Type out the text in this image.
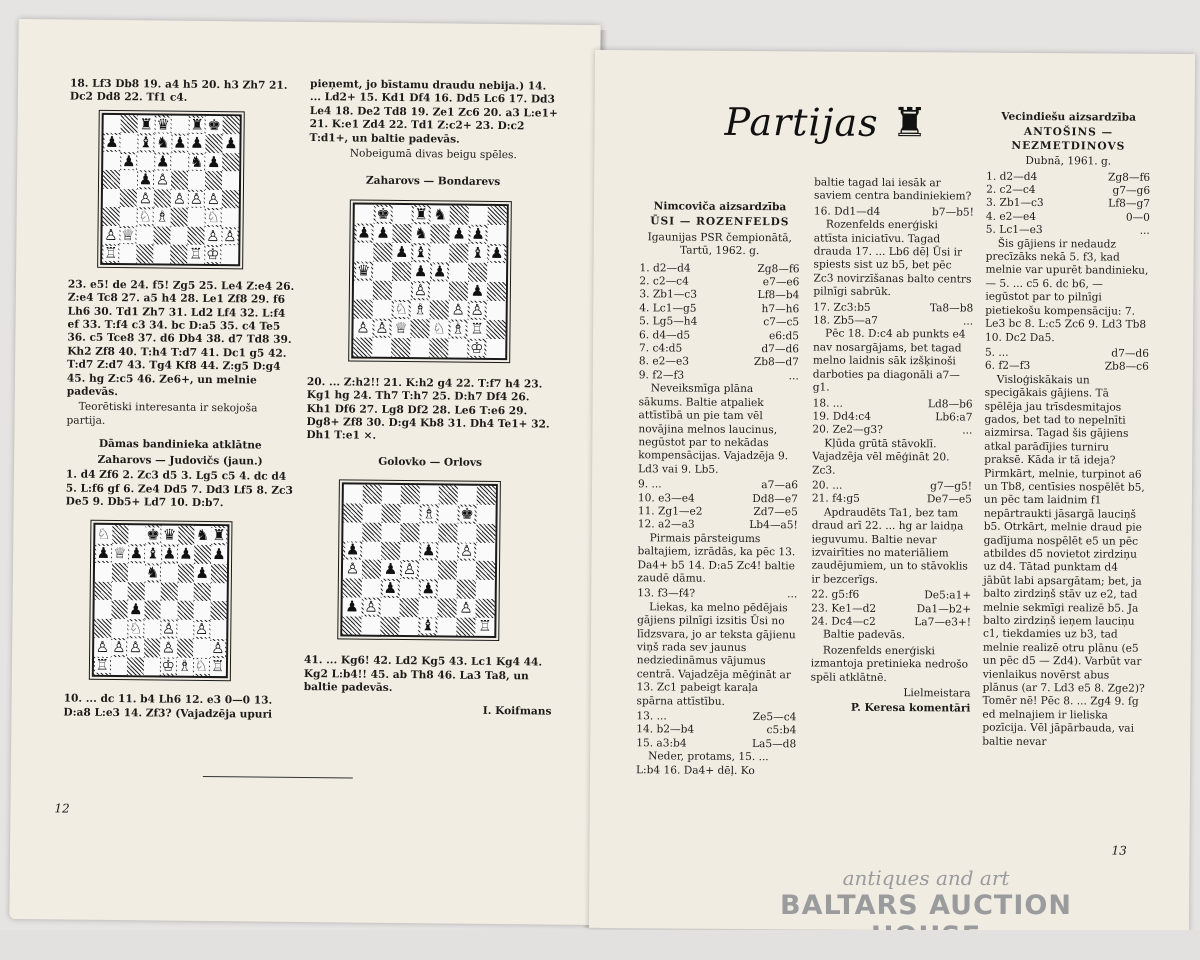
18. Lf3 Db8 19. a4 h5 20. h3 Zh7 21. Dc2 Dd8 22. Tf1 c4.

♜ ♛ ♜ ♚
♟ ♝ ♞ ♟ ♟ ♟
♟ ♟ ♞ ♟
♟ ♙
♙ ♙ ♙ ♙
♘ ♗ ♘
♙ ♕	♙ ♙
♖	♖ ♔

23. e5! de 24. f5! Zg5 25. Le4 Z:e4 26. Z:e4 Tc8 27. a5 h4 28. Le1 Zf8 29. f6 Lh6 30. Td1 Zh7 31. Ld2 Lf4 32. L:f4 ef 33. T:f4 c3 34. bc D:a5 35. c4 Te5 36. c5 Tce8 37. d6 Db4 38. d7 Td8 39. Kh2 Zf8 40. T:h4 T:d7 41. Dc1 g5 42. T:d7 Z:d7 43. Tg4 Kf8 44. Z:g5 D:g4 45. hg Z:c5 46. Ze6+, un melnie padevās.

Teorētiski interesanta ir sekojoša partija.

Dāmas bandinieka atklātne

Zaharovs — Judovičs (jaun.)

1. d4 Zf6 2. Zc3 d5 3. Lg5 c5 4. dc d4 5. L:f6 gf 6. Ze4 Dd5 7. Dd3 Lf5 8. Zc3 De5 9. Db5+ Ld7 10. D:b7.

♘ ♚ ♛ ♞ ♜
♟ ♕ ♟ ♝ ♟ ♟ ♟
♞ ♟
♟
♘ ♙ ♙
♙ ♙ ♙ ♙ ♙
♖	♔ ♗ ♘ ♖

10. ... dc 11. b4 Lh6 12. e3 0—0 13. D:a8 L:e3 14. Zf3? (Vajadzēja upuri

pieņemt, jo bīstamu draudu nebija.) 14. ... Ld2+ 15. Kd1 Df4 16. Dd5 Lc6 17. Dd3 Le4 18. De2 Td8 19. Ze1 Zc6 20. a3 L:e1+ 21. K:e1 Zd4 22. Td1 Z:c2+ 23. D:c2 T:d1+, un baltie padevās.

Nobeigumā divas beigu spēles.

Zaharovs — Bondarevs

♚ ♜ ♞
♟ ♟ ♞ ♟ ♟
♟ ♝	♝ ♟
♛	♟ ♟
♙	♟
♘ ♗ ♙ ♙
♙ ♙ ♕ ♘ ♗ ♖
♔

20. ... Z:h2!! 21. K:h2 g4 22. T:f7 h4 23. Kg1 hg 24. Th7 T:h7 25. D:h7 Df4 26. Kh1 Df6 27. Lg8 Df2 28. Le6 T:e6 29. Dg8+ Zf8 30. D:g4 Kb8 31. Dh4 Te1+ 32. Dh1 T:e1 ×.

Golovko — Orlovs

♗ ♚
♟	♟ ♙
♙ ♟ ♙
♟ ♟
♟ ♙	♙
♝	♖

41. ... Kg6! 42. Ld2 Kg5 43. Lc1 Kg4 44. Kg2 L:b4!! 45. ab Th8 46. La3 Ta8, un baltie padevās.

I. Koifmans

12
Partijas ♜

Nimcoviča aizsardzība

ŪSI — ROZENFELDS

Igaunijas PSR čempionātā, Tartū, 1962. g.

1. d2—d4	Zg8—f6
2. c2—c4	e7—e6
3. Zb1—c3	Lf8—b4
4. Lc1—g5	h7—h6
5. Lg5—h4	c7—c5
6. d4—d5	e6:d5
7. c4:d5	d7—d6
8. e2—e3	Zb8—d7
9. f2—f3	...

Neveiksmīga plāna sākums. Baltie atpaliek attīstībā un pie tam vēl novājina melnos laucinus, negūstot par to nekādas kompensācijas. Vajadzēja 9. Ld3 vai 9. Lb5.

9. ...	a7—a6
10. e3—e4	Dd8—e7
11. Zg1—e2	Zd7—e5
12. a2—a3	Lb4—a5!

Pirmais pārsteigums baltajiem, izrādās, ka pēc 13. Da4+ b5 14. D:a5 Zc4! baltie zaudē dāmu.

13. f3—f4?	...

Liekas, ka melno pēdējais gājiens pilnīgi izsitis Ūsi no līdzsvara, jo ar teksta gājienu viņš rada sev jaunus nedziedināmus vājumus centrā. Vajadzēja mēģināt ar 13. Zc1 pabeigt karaļa spārna attīstību.

13. ...	Ze5—c4
14. b2—b4	c5:b4
15. a3:b4	La5—d8

Neder, protams, 15. ... L:b4 16. Da4+ dēļ. Ko

baltie tagad lai iesāk ar saviem centra bandiniekiem?

16. Dd1—d4	b7—b5!

Rozenfelds enerģiski attīsta iniciatīvu. Tagad drauda 17. ... Lb6 dēļ Ūsi ir spiests sist uz b5, bet pēc Zc3 novirzīšanas balto centrs pilnīgi sabrūk.

17. Zc3:b5	Ta8—b8
18. Zb5—a7	...

Pēc 18. D:c4 ab punkts e4 nav nosargājams, bet tagad melno laidnis sāk izšķinoši darboties pa diagonāli a7—g1.

18. ...	Ld8—b6
19. Dd4:c4	Lb6:a7
20. Ze2—g3?	...

Kļūda grūtā stāvoklī. Vajadzēja vēl mēģināt 20. Zc3.

20. ...	g7—g5!
21. f4:g5	De7—e5

Apdraudēts Ta1, bez tam draud arī 22. ... hg ar laidņa ieguvumu. Baltie nevar izvairīties no materiāliem zaudējumiem, un to stāvoklis ir bezcerīgs.

22. g5:f6	De5:a1+
23. Ke1—d2	Da1—b2+
24. Dc4—c2	La7—e3+!

Baltie padevās.

Rozenfelds enerģiski izmantoja pretinieka nedrošo spēli atklātnē.

Lielmeistara

P. Keresa komentāri

Vecindiešu aizsardzība

ANTOŠINS —

NEZMETDINOVS

Dubnā, 1961. g.

1. d2—d4	Zg8—f6
2. c2—c4	g7—g6
3. Zb1—c3	Lf8—g7
4. e2—e4	0—0
5. Lc1—e3	...

Šis gājiens ir nedaudz precīzāks nekā 5. f3, kad melnie var upurēt bandinieku, — 5. ... c5 6. dc b6, — iegūstot par to pilnīgi pietiekošu kompensāciju: 7. Le3 bc 8. L:c5 Zc6 9. Ld3 Tb8 10. Dc2 Da5.

5. ...	d7—d6
6. f2—f3	Zb8—c6

Visloģiskākais un specigākais gājiens. Tā spēlēja jau trīsdesmitajos gados, bet tad to nepelnīti aizmirsa. Tagad šis gājiens atkal parādījies turniru praksē. Kāda ir tā ideja? Pirmkārt, melnie, turpinot a6 un Tb8, centīsies nospēlēt b5, un pēc tam laidnim f1 nepārtraukti jāsargā lauciņš b5. Otrkārt, melnie draud pie gadījuma nospēlēt e5 un pēc atbildes d5 novietot zirdziņu uz d4. Tātad punktam d4 jābūt labi apsargātam; bet, ja balto zirdziņš stāv uz e2, tad melnie sekmīgi realizē b5. Ja balto zirdziņš ieņem lauciņu c1, tiekdamies uz b3, tad melnie realizē otru plānu (e5 un pēc d5 — Zd4). Varbūt var vienlaikus novērst abus plānus (ar 7. Ld3 e5 8. Zge2)? Tomēr nē! Pēc 8. ... Zg4 9. ſg ed melnajiem ir lieliska pozīcija. Vēl jāpārbauda, vai baltie nevar

13
antiques and art
BALTARS AUCTION
